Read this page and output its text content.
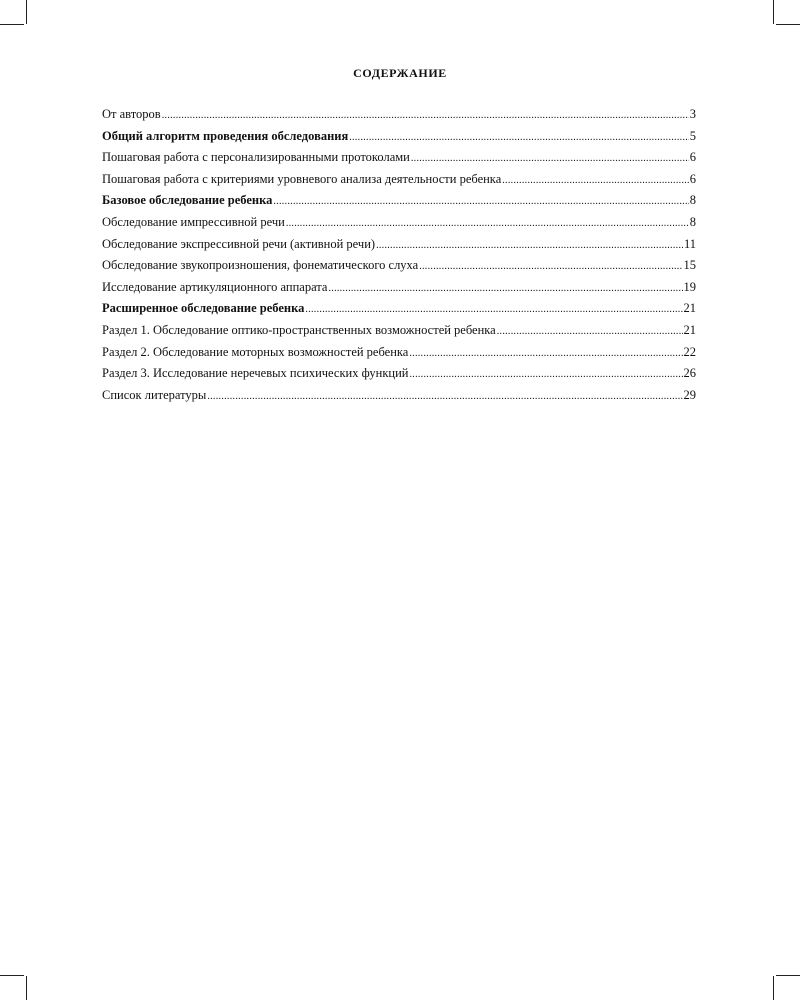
СОДЕРЖАНИЕ
От авторов .....	3
Общий алгоритм проведения обследования .....	5
Пошаговая работа с персонализированными протоколами .....	6
Пошаговая работа с критериями уровневого анализа деятельности ребенка .....	6
Базовое обследование ребенка .....	8
Обследование импрессивной речи .....	8
Обследование экспрессивной речи (активной речи) .....	11
Обследование звукопроизношения, фонематического слуха .....	15
Исследование артикуляционного аппарата .....	19
Расширенное обследование ребенка .....	21
Раздел 1. Обследование оптико-пространственных возможностей ребенка .....	21
Раздел 2. Обследование моторных возможностей ребенка .....	22
Раздел 3. Исследование неречевых психических функций .....	26
Список литературы .....	29
